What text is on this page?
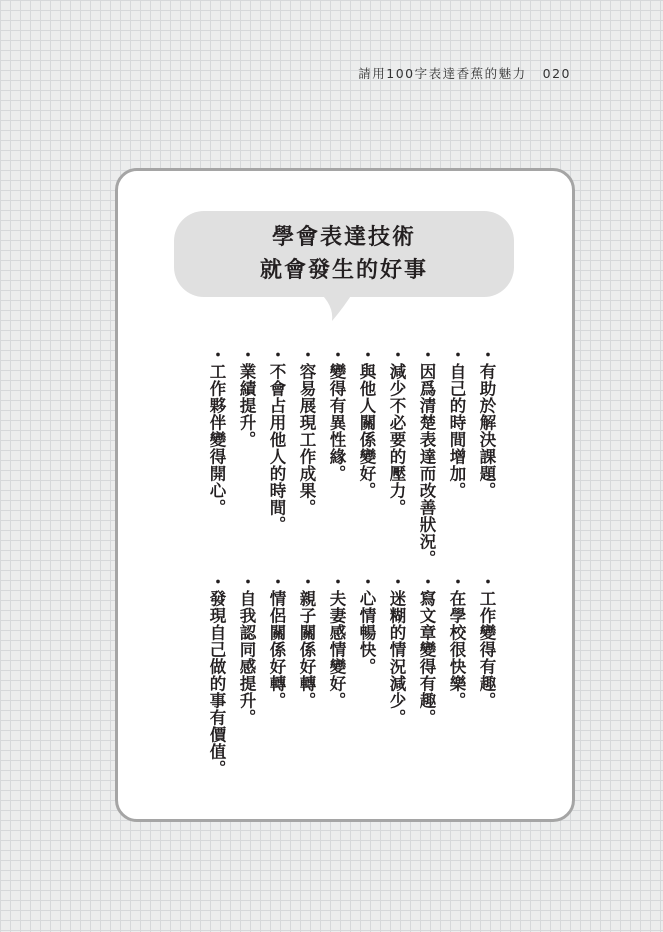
請用100字表達香蕉的魅力 020
學會表達技術
就會發生的好事
・有助於解決課題。
・自己的時間增加。
・因爲清楚表達而改善狀況。
・減少不必要的壓力。
・與他人關係變好。
・變得有異性緣。
・容易展現工作成果。
・不會占用他人的時間。
・業績提升。
・工作夥伴變得開心。
・工作變得有趣。
・在學校很快樂。
・寫文章變得有趣。
・迷糊的情況減少。
・心情暢快。
・夫妻感情變好。
・親子關係好轉。
・情侶關係好轉。
・自我認同感提升。
・發現自己做的事有價值。
